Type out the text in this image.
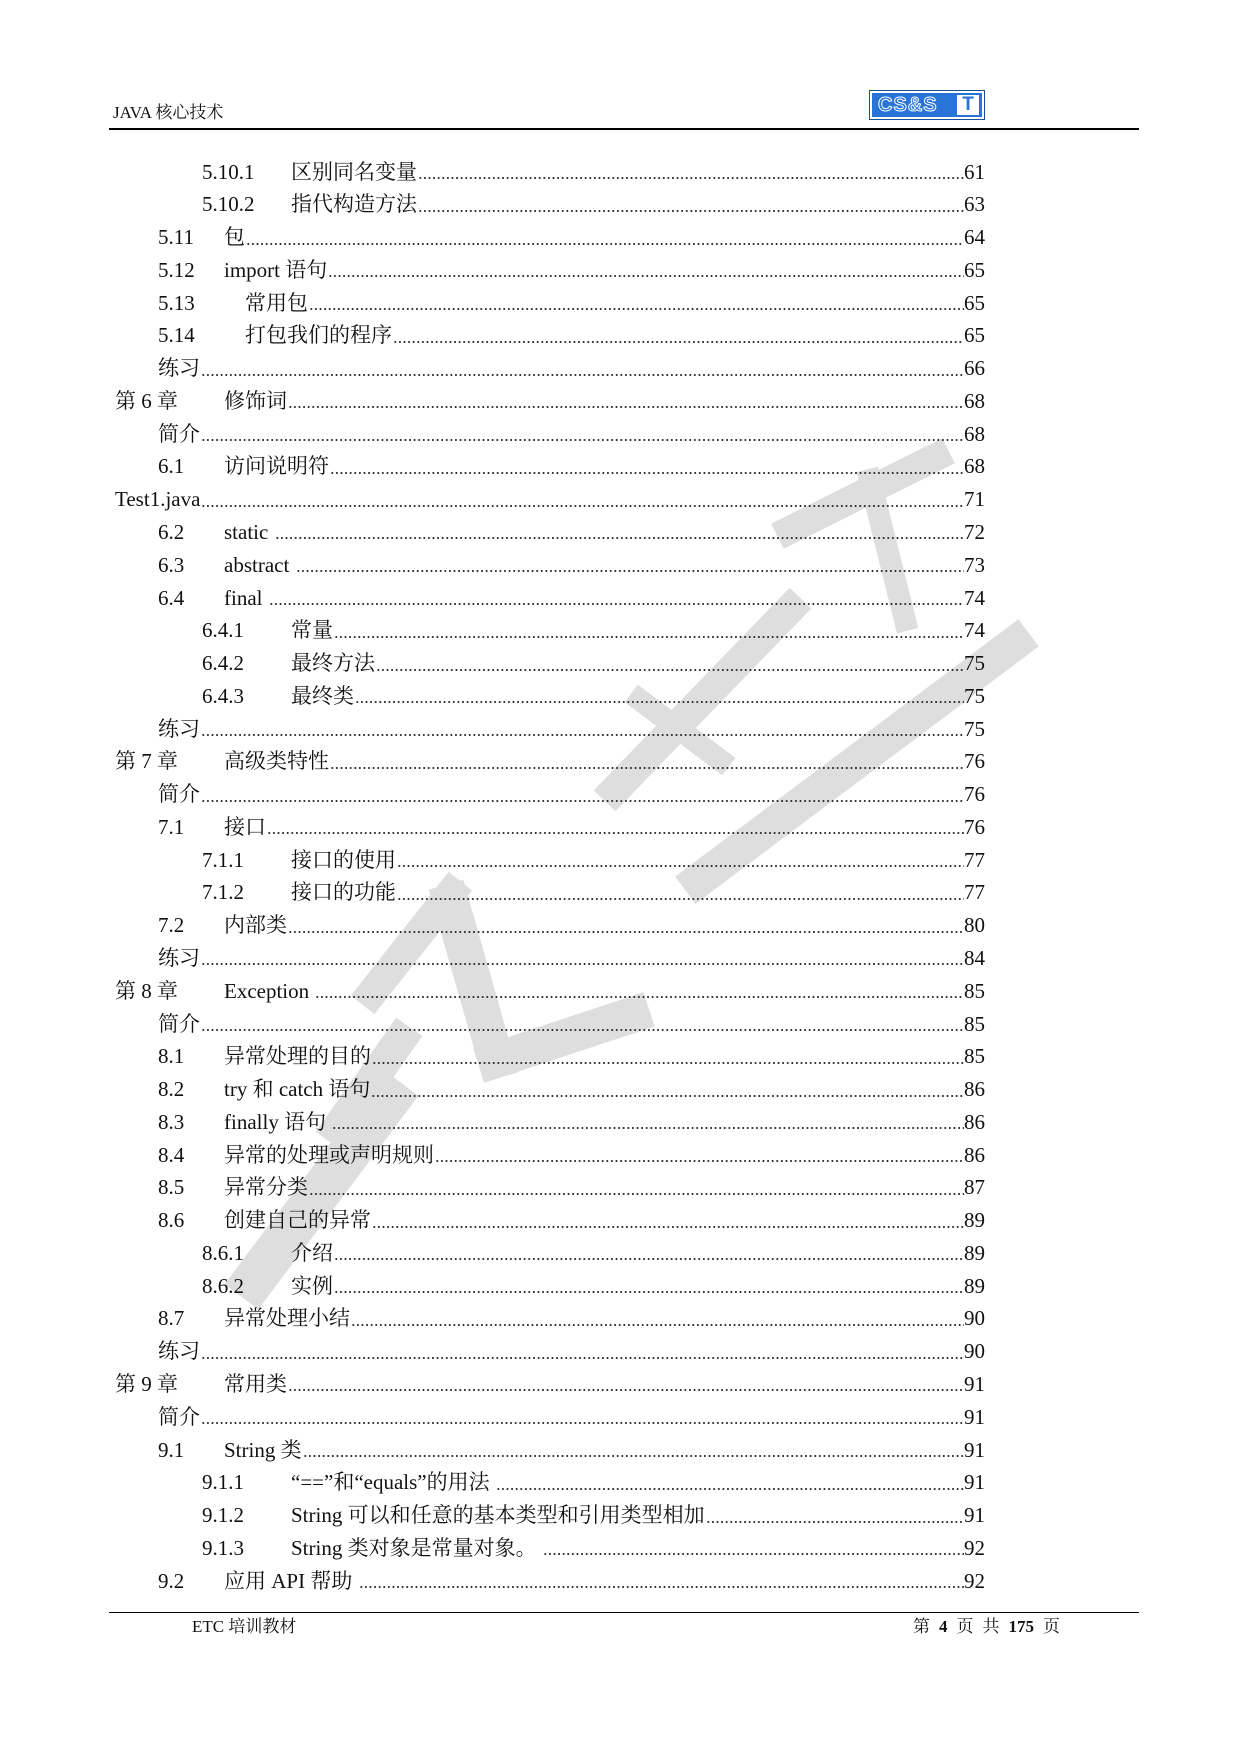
JAVA 核心技术	CS&S T
5.10.1 区别同名变量	61
5.10.2 指代构造方法	63
5.11 包	64
5.12 import 语句	65
5.13 　常用包	65
5.14 　打包我们的程序	65
练习	66
第 6 章 修饰词	68
简介	68
6.1 访问说明符	68
Test1.java	71
6.2 static	72
6.3 abstract	73
6.4 final	74
6.4.1 常量	74
6.4.2 最终方法	75
6.4.3 最终类	75
练习	75
第 7 章 高级类特性	76
简介	76
7.1 接口	76
7.1.1 接口的使用	77
7.1.2 接口的功能	77
7.2 内部类	80
练习	84
第 8 章 Exception	85
简介	85
8.1 异常处理的目的	85
8.2 try 和 catch 语句	86
8.3 finally 语句	86
8.4 异常的处理或声明规则	86
8.5 异常分类	87
8.6 创建自己的异常	89
8.6.1 介绍	89
8.6.2 实例	89
8.7 异常处理小结	90
练习	90
第 9 章 常用类	91
简介	91
9.1 String 类	91
9.1.1 “==”和“equals”的用法	91
9.1.2 String 可以和任意的基本类型和引用类型相加	91
9.1.3 String 类对象是常量对象。	92
9.2 应用 API 帮助	92
ETC 培训教材	第 4 页 共 175 页
